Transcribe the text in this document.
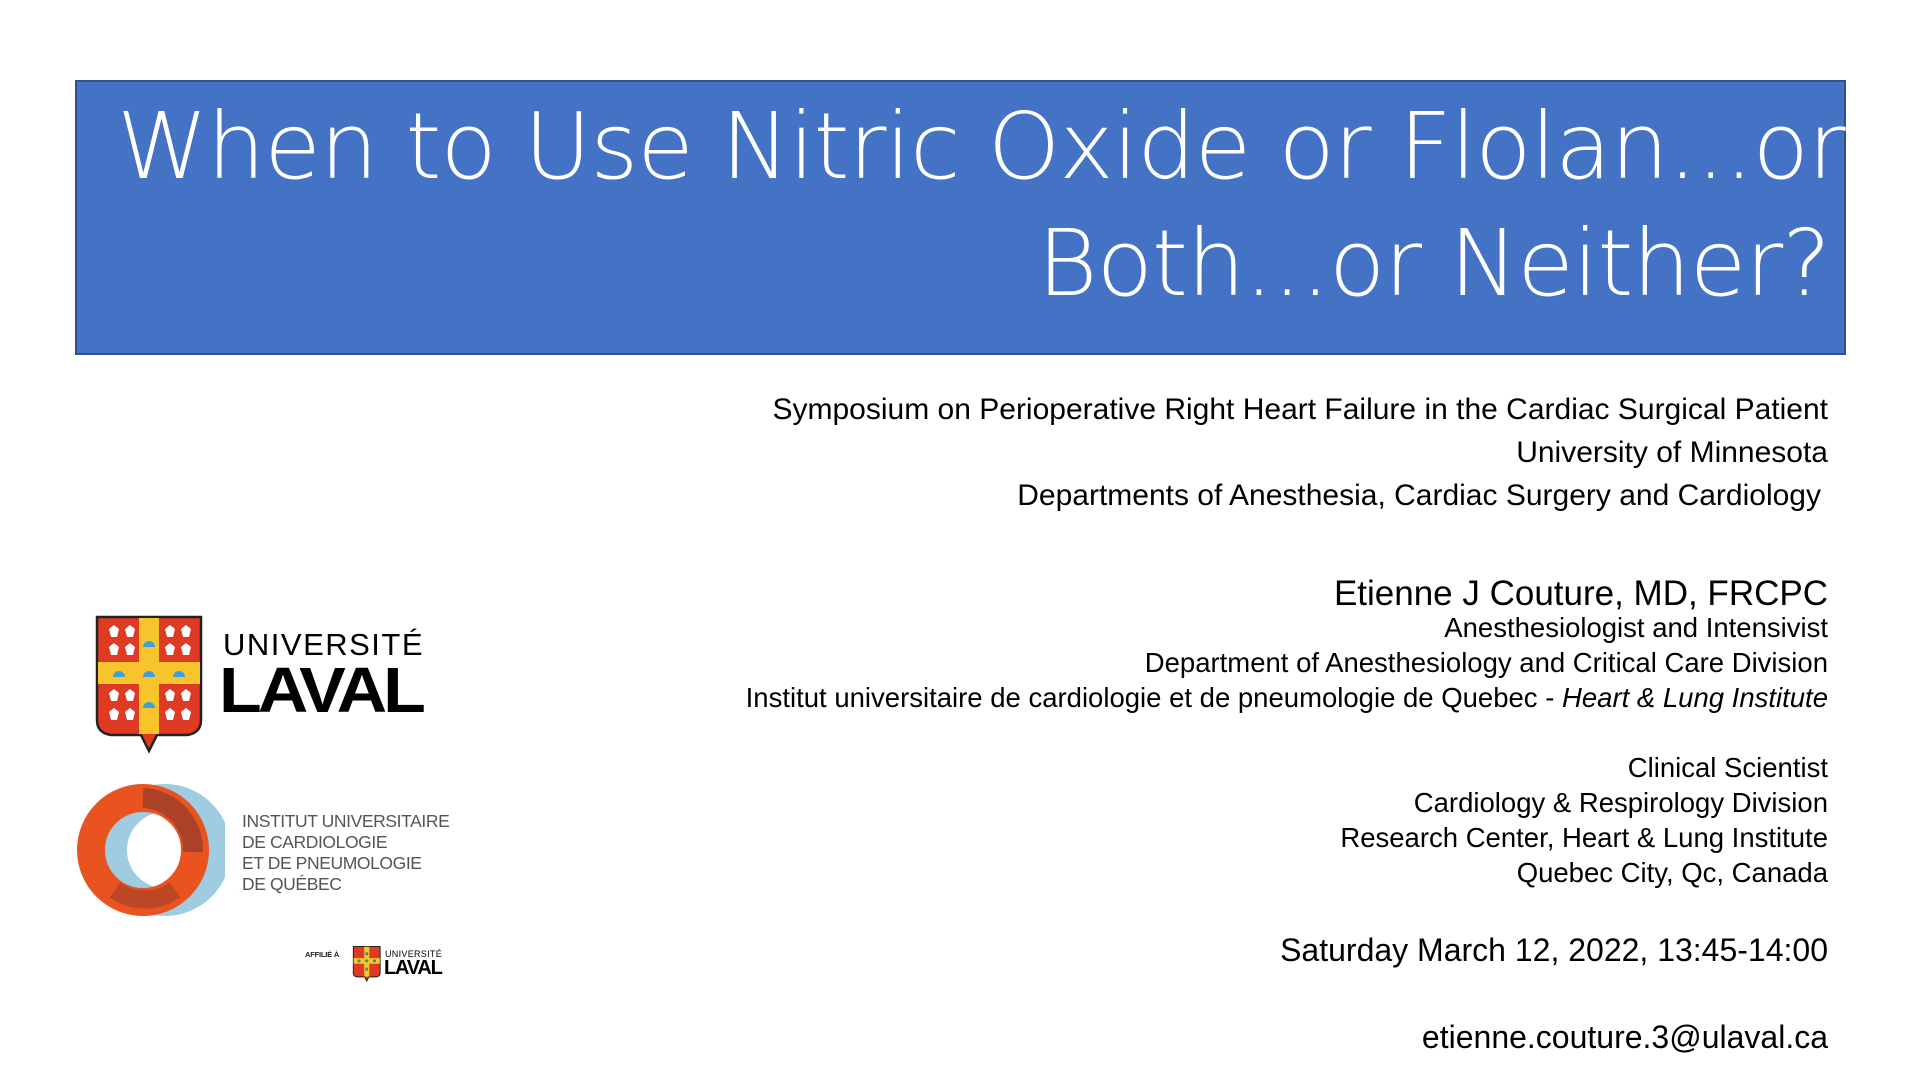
When to Use Nitric Oxide or Flolan...or
Both...or Neither?
Symposium on Perioperative Right Heart Failure in the Cardiac Surgical Patient
University of Minnesota
Departments of Anesthesia, Cardiac Surgery and Cardiology
Etienne J Couture, MD, FRCPC
Anesthesiologist and Intensivist
Department of Anesthesiology and Critical Care Division
Institut universitaire de cardiologie et de pneumologie de Quebec - Heart & Lung Institute
Clinical Scientist
Cardiology & Respirology Division
Research Center, Heart & Lung Institute
Quebec City, Qc, Canada
Saturday March 12, 2022, 13:45-14:00
etienne.couture.3@ulaval.ca
UNIVERSITÉ
LAVAL
INSTITUT UNIVERSITAIRE
DE CARDIOLOGIE
ET DE PNEUMOLOGIE
DE QUÉBEC
AFFILIÉ À	UNIVERSITÉ
LAVAL
